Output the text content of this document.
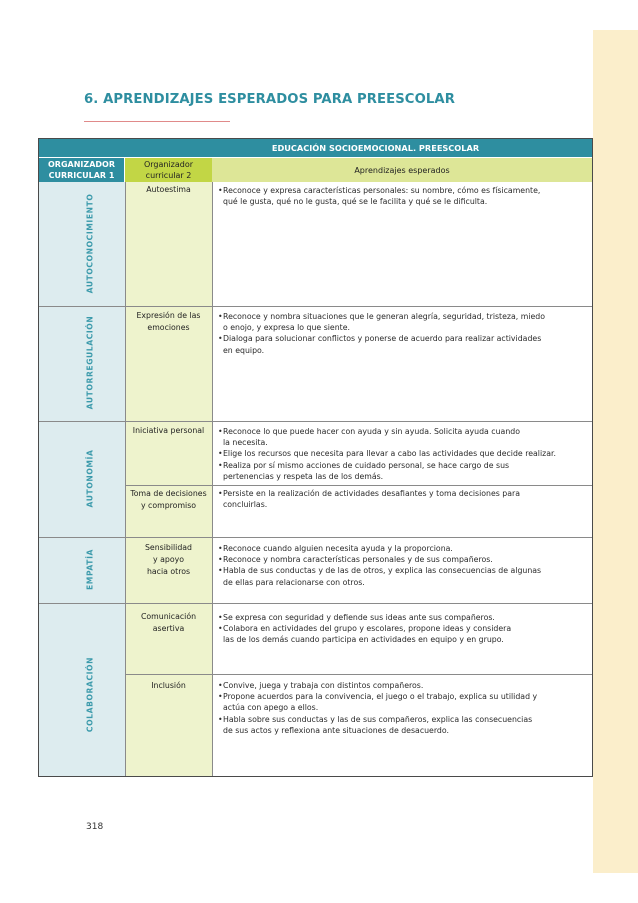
6. APRENDIZAJES ESPERADOS PARA PREESCOLAR
EDUCACIÓN SOCIOEMOCIONAL. PREESCOLAR
ORGANIZADOR
CURRICULAR 1
Organizador
curricular 2
Aprendizajes esperados
AUTOCONOCIMIENTO
AUTORREGULACIÓN
AUTONOMÍA
EMPATÍA
COLABORACIÓN
Autoestima
Expresión de las
emociones
Iniciativa personal
Toma de decisiones
y compromiso
Sensibilidad
y apoyo
hacia otros
Comunicación
asertiva
Inclusión
•Reconoce y expresa características personales: su nombre, cómo es físicamente,
qué le gusta, qué no le gusta, qué se le facilita y qué se le dificulta.
•Reconoce y nombra situaciones que le generan alegría, seguridad, tristeza, miedo
o enojo, y expresa lo que siente.
•Dialoga para solucionar conflictos y ponerse de acuerdo para realizar actividades
en equipo.
•Reconoce lo que puede hacer con ayuda y sin ayuda. Solicita ayuda cuando
la necesita.
•Elige los recursos que necesita para llevar a cabo las actividades que decide realizar.
•Realiza por sí mismo acciones de cuidado personal, se hace cargo de sus
pertenencias y respeta las de los demás.
•Persiste en la realización de actividades desafiantes y toma decisiones para
concluirlas.
•Reconoce cuando alguien necesita ayuda y la proporciona.
•Reconoce y nombra características personales y de sus compañeros.
•Habla de sus conductas y de las de otros, y explica las consecuencias de algunas
de ellas para relacionarse con otros.
•Se expresa con seguridad y defiende sus ideas ante sus compañeros.
•Colabora en actividades del grupo y escolares, propone ideas y considera
las de los demás cuando participa en actividades en equipo y en grupo.
•Convive, juega y trabaja con distintos compañeros.
•Propone acuerdos para la convivencia, el juego o el trabajo, explica su utilidad y
actúa con apego a ellos.
•Habla sobre sus conductas y las de sus compañeros, explica las consecuencias
de sus actos y reflexiona ante situaciones de desacuerdo.
318
